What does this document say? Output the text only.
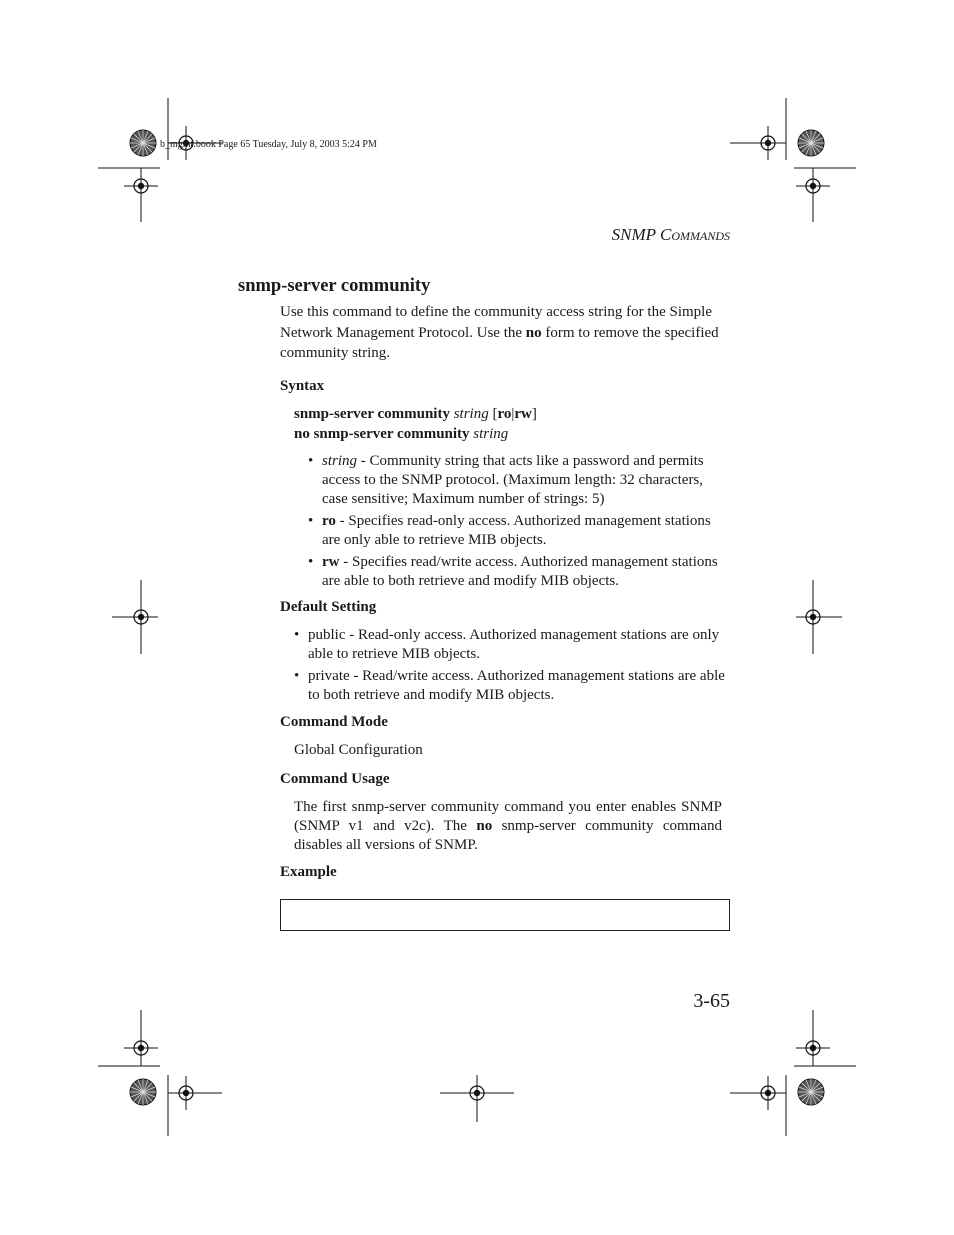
b_mgmt.book Page 65 Tuesday, July 8, 2003 5:24 PM
SNMP COMMANDS
snmp-server community
Use this command to define the community access string for the Simple Network Management Protocol. Use the no form to remove the specified community string.
Syntax
snmp-server community string [ro|rw]
no snmp-server community string
• string - Community string that acts like a password and permits access to the SNMP protocol. (Maximum length: 32 characters, case sensitive; Maximum number of strings: 5)
• ro - Specifies read-only access. Authorized management stations are only able to retrieve MIB objects.
• rw - Specifies read/write access. Authorized management stations are able to both retrieve and modify MIB objects.
Default Setting
• public - Read-only access. Authorized management stations are only able to retrieve MIB objects.
• private - Read/write access. Authorized management stations are able to both retrieve and modify MIB objects.
Command Mode
Global Configuration
Command Usage
The first snmp-server community command you enter enables SNMP (SNMP v1 and v2c). The no snmp-server community command disables all versions of SNMP.
Example
3-65
